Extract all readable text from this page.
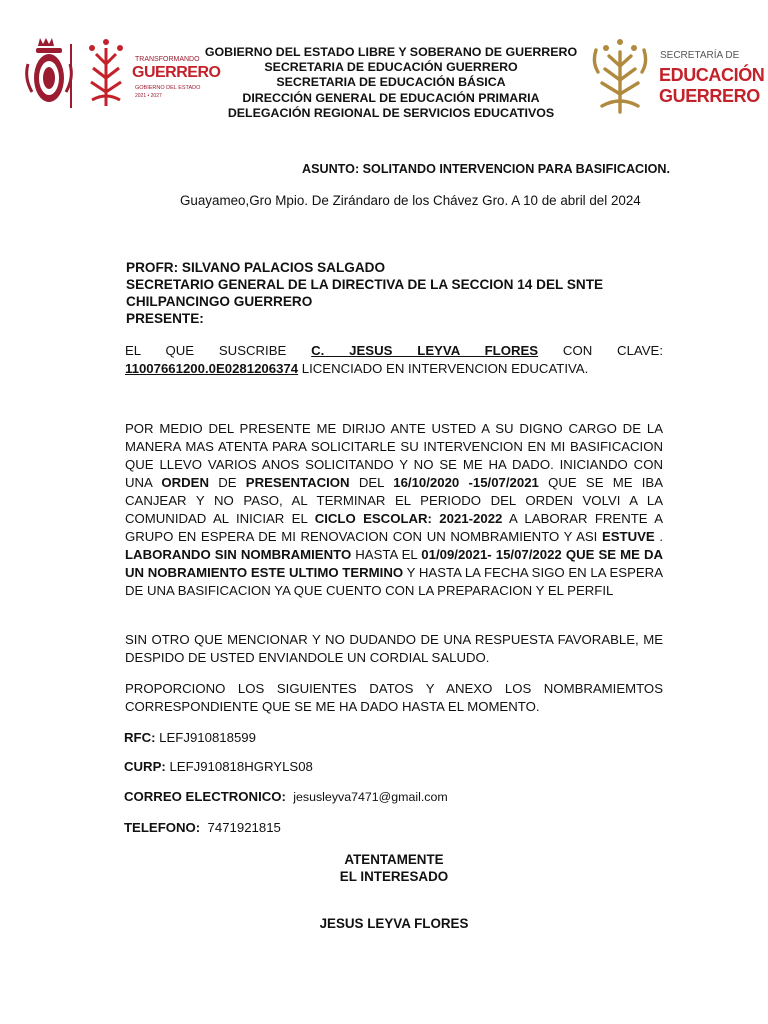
TRANSFORMANDO
GUERRERO
GOBIERNO DEL ESTADO
2021 • 2027
GOBIERNO DEL ESTADO LIBRE Y SOBERANO DE GUERRERO
SECRETARIA DE EDUCACIÓN GUERRERO
SECRETARIA DE EDUCACIÓN BÁSICA
DIRECCIÓN GENERAL DE EDUCACIÓN PRIMARIA
DELEGACIÓN REGIONAL DE SERVICIOS EDUCATIVOS
SECRETARÍA DE
EDUCACIÓN
GUERRERO
ASUNTO: SOLITANDO INTERVENCION PARA BASIFICACION.
Guayameo,Gro Mpio. De Zirándaro de los Chávez Gro. A 10 de abril del 2024
PROFR: SILVANO PALACIOS SALGADO
SECRETARIO GENERAL DE LA DIRECTIVA DE LA SECCION 14 DEL SNTE
CHILPANCINGO GUERRERO
PRESENTE:
EL QUE SUSCRIBE C. JESUS LEYVA FLORES CON CLAVE:
11007661200.0E0281206374 LICENCIADO EN INTERVENCION EDUCATIVA.
POR MEDIO DEL PRESENTE ME DIRIJO ANTE USTED A SU DIGNO CARGO DE LA MANERA MAS ATENTA PARA SOLICITARLE SU INTERVENCION EN MI BASIFICACION QUE LLEVO VARIOS ANOS SOLICITANDO Y NO SE ME HA DADO. INICIANDO CON UNA ORDEN DE PRESENTACION DEL 16/10/2020 -15/07/2021 QUE SE ME IBA CANJEAR Y NO PASO, AL TERMINAR EL PERIODO DEL ORDEN VOLVI A LA COMUNIDAD AL INICIAR EL CICLO ESCOLAR: 2021-2022 A LABORAR FRENTE A GRUPO EN ESPERA DE MI RENOVACION CON UN NOMBRAMIENTO Y ASI ESTUVE . LABORANDO SIN NOMBRAMIENTO HASTA EL 01/09/2021- 15/07/2022 QUE SE ME DA UN NOBRAMIENTO ESTE ULTIMO TERMINO Y HASTA LA FECHA SIGO EN LA ESPERA DE UNA BASIFICACION YA QUE CUENTO CON LA PREPARACION Y EL PERFIL
SIN OTRO QUE MENCIONAR Y NO DUDANDO DE UNA RESPUESTA FAVORABLE, ME DESPIDO DE USTED ENVIANDOLE UN CORDIAL SALUDO.
PROPORCIONO LOS SIGUIENTES DATOS Y ANEXO LOS NOMBRAMIEMTOS CORRESPONDIENTE QUE SE ME HA DADO HASTA EL MOMENTO.
RFC: LEFJ910818599
CURP: LEFJ910818HGRYLS08
CORREO ELECTRONICO: jesusleyva7471@gmail.com
TELEFONO: 7471921815
ATENTAMENTE
EL INTERESADO
JESUS LEYVA FLORES
